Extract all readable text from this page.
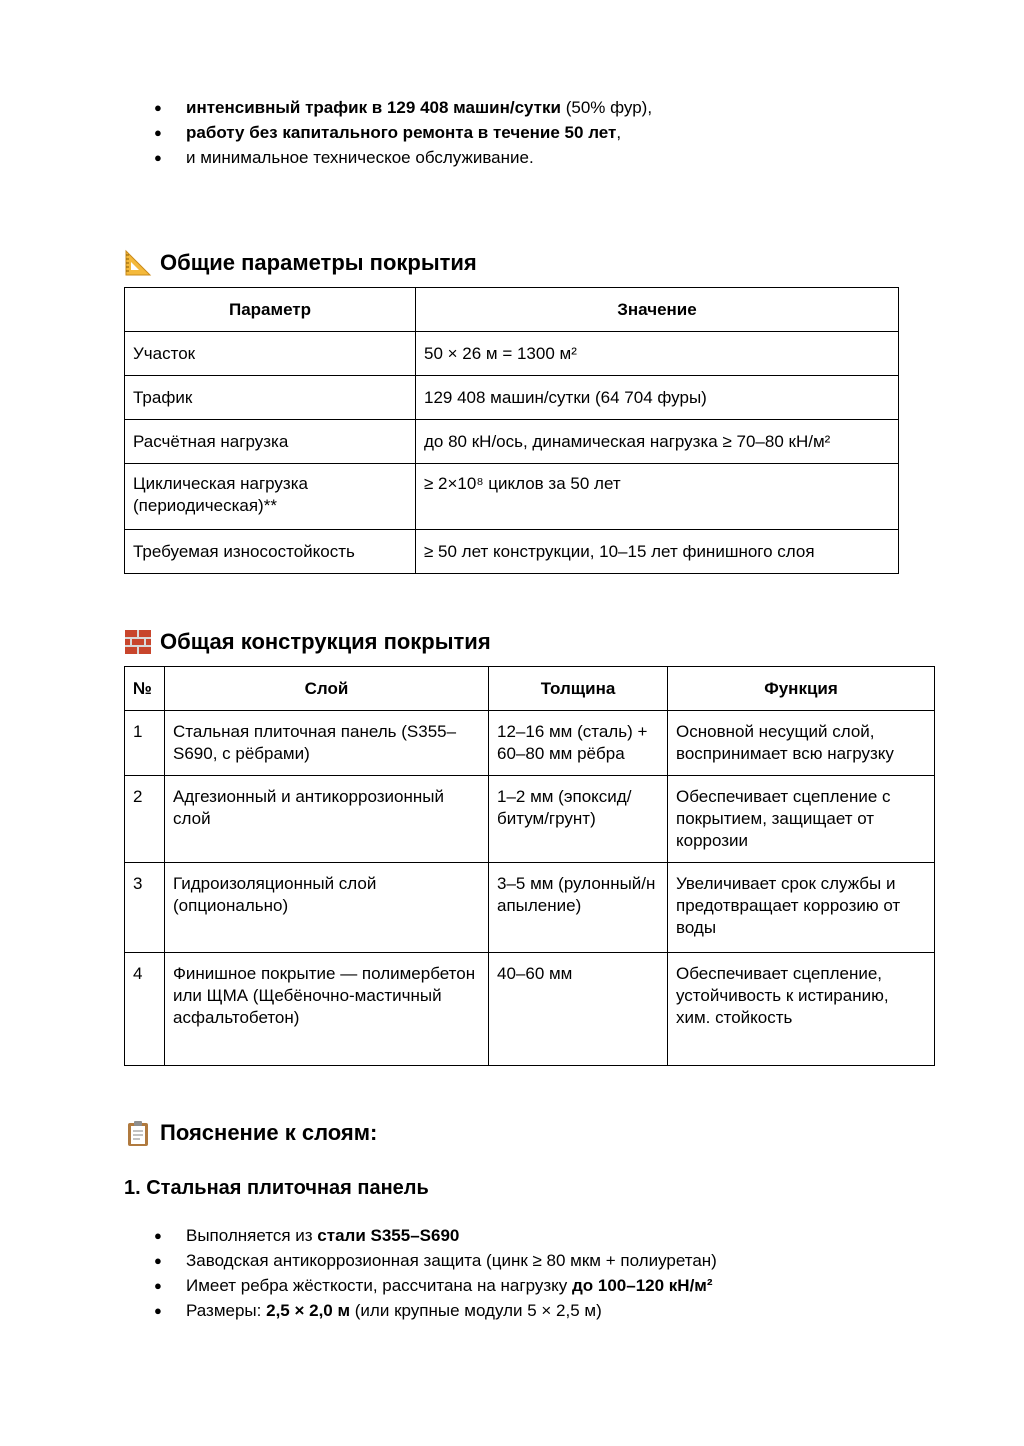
● интенсивный трафик в 129 408 машин/сутки (50% фур),
● работу без капитального ремонта в течение 50 лет,
● и минимальное техническое обслуживание.
Общие параметры покрытия
Параметр	Значение
Участок	50 × 26 м = 1300 м²
Трафик	129 408 машин/сутки (64 704 фуры)
Расчётная нагрузка	до 80 кН/ось, динамическая нагрузка ≥ 70–80 кН/м²
Циклическая нагрузка (периодическая)**	≥ 2×10⁸ циклов за 50 лет
Требуемая износостойкость	≥ 50 лет конструкции, 10–15 лет финишного слоя
Общая конструкция покрытия
№	Слой	Толщина	Функция
1	Стальная плиточная панель (S355–S690, с рёбрами)	12–16 мм (сталь) + 60–80 мм рёбра	Основной несущий слой, воспринимает всю нагрузку
2	Адгезионный и антикоррозионный слой	1–2 мм (эпоксид/битум/грунт)	Обеспечивает сцепление с покрытием, защищает от коррозии
3	Гидроизоляционный слой (опционально)	3–5 мм (рулонный/напыление)	Увеличивает срок службы и предотвращает коррозию от воды
4	Финишное покрытие — полимербетон или ЩМА (Щебёночно-мастичный асфальтобетон)	40–60 мм	Обеспечивает сцепление, устойчивость к истиранию, хим. стойкость
Пояснение к слоям:
1. Стальная плиточная панель
● Выполняется из стали S355–S690
● Заводская антикоррозионная защита (цинк ≥ 80 мкм + полиуретан)
● Имеет ребра жёсткости, рассчитана на нагрузку до 100–120 кН/м²
● Размеры: 2,5 × 2,0 м (или крупные модули 5 × 2,5 м)
